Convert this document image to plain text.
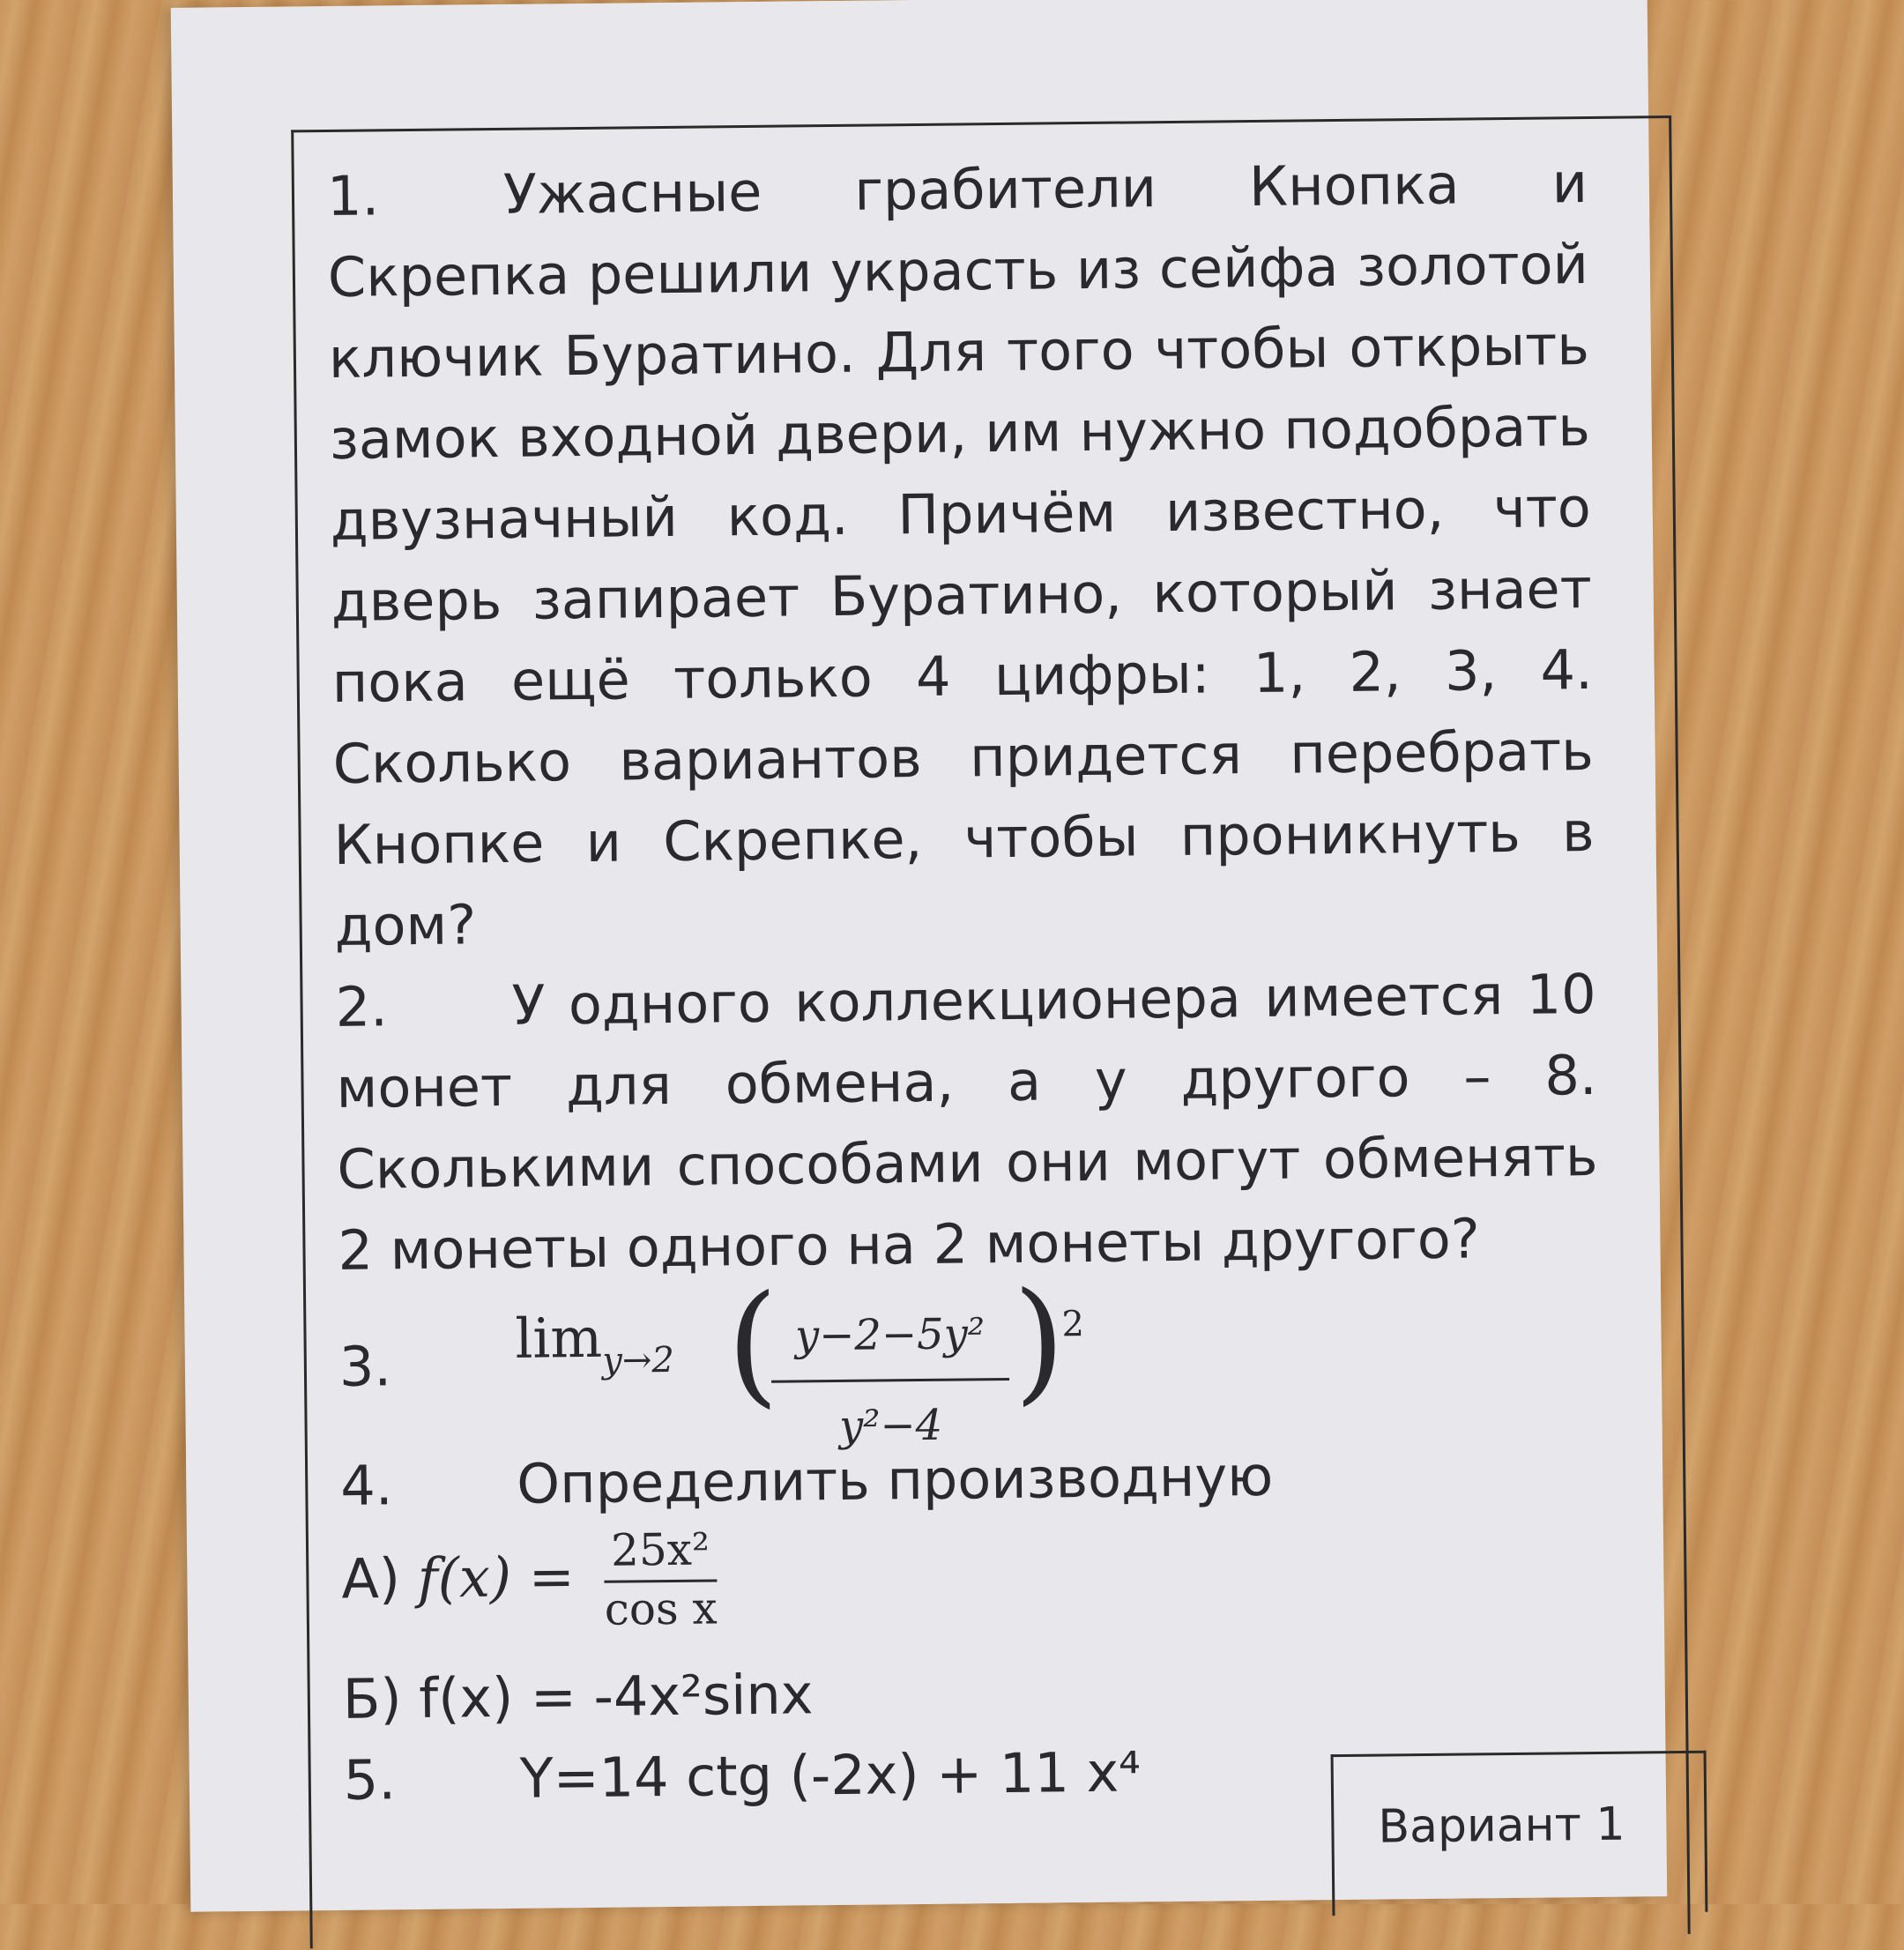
1. Ужасные грабители Кнопка и Скрепка решили украсть из сейфа золотой ключик Буратино. Для того чтобы открыть замок входной двери, им нужно подобрать двузначный код. Причём известно, что дверь запирает Буратино, который знает пока ещё только 4 цифры: 1, 2, 3, 4. Сколько вариантов придется перебрать Кнопке и Скрепке, чтобы проникнуть в дом?
2. У одного коллекционера имеется 10 монет для обмена, а у другого – 8. Сколькими способами они могут обменять 2 монеты одного на 2 монеты другого?
3.	$\lim_{y\to 2}$ (
$\frac{\text{y−2−5y²}}{\text{y²−4}}$ )
2
4. Определить производную
А) $f(x) = \frac{\text{25x²}}{\text{cos x}}$
Б) f(x) = -4x²sinx
5. Y=14 ctg (-2x) + 11 x⁴
Вариант 1
